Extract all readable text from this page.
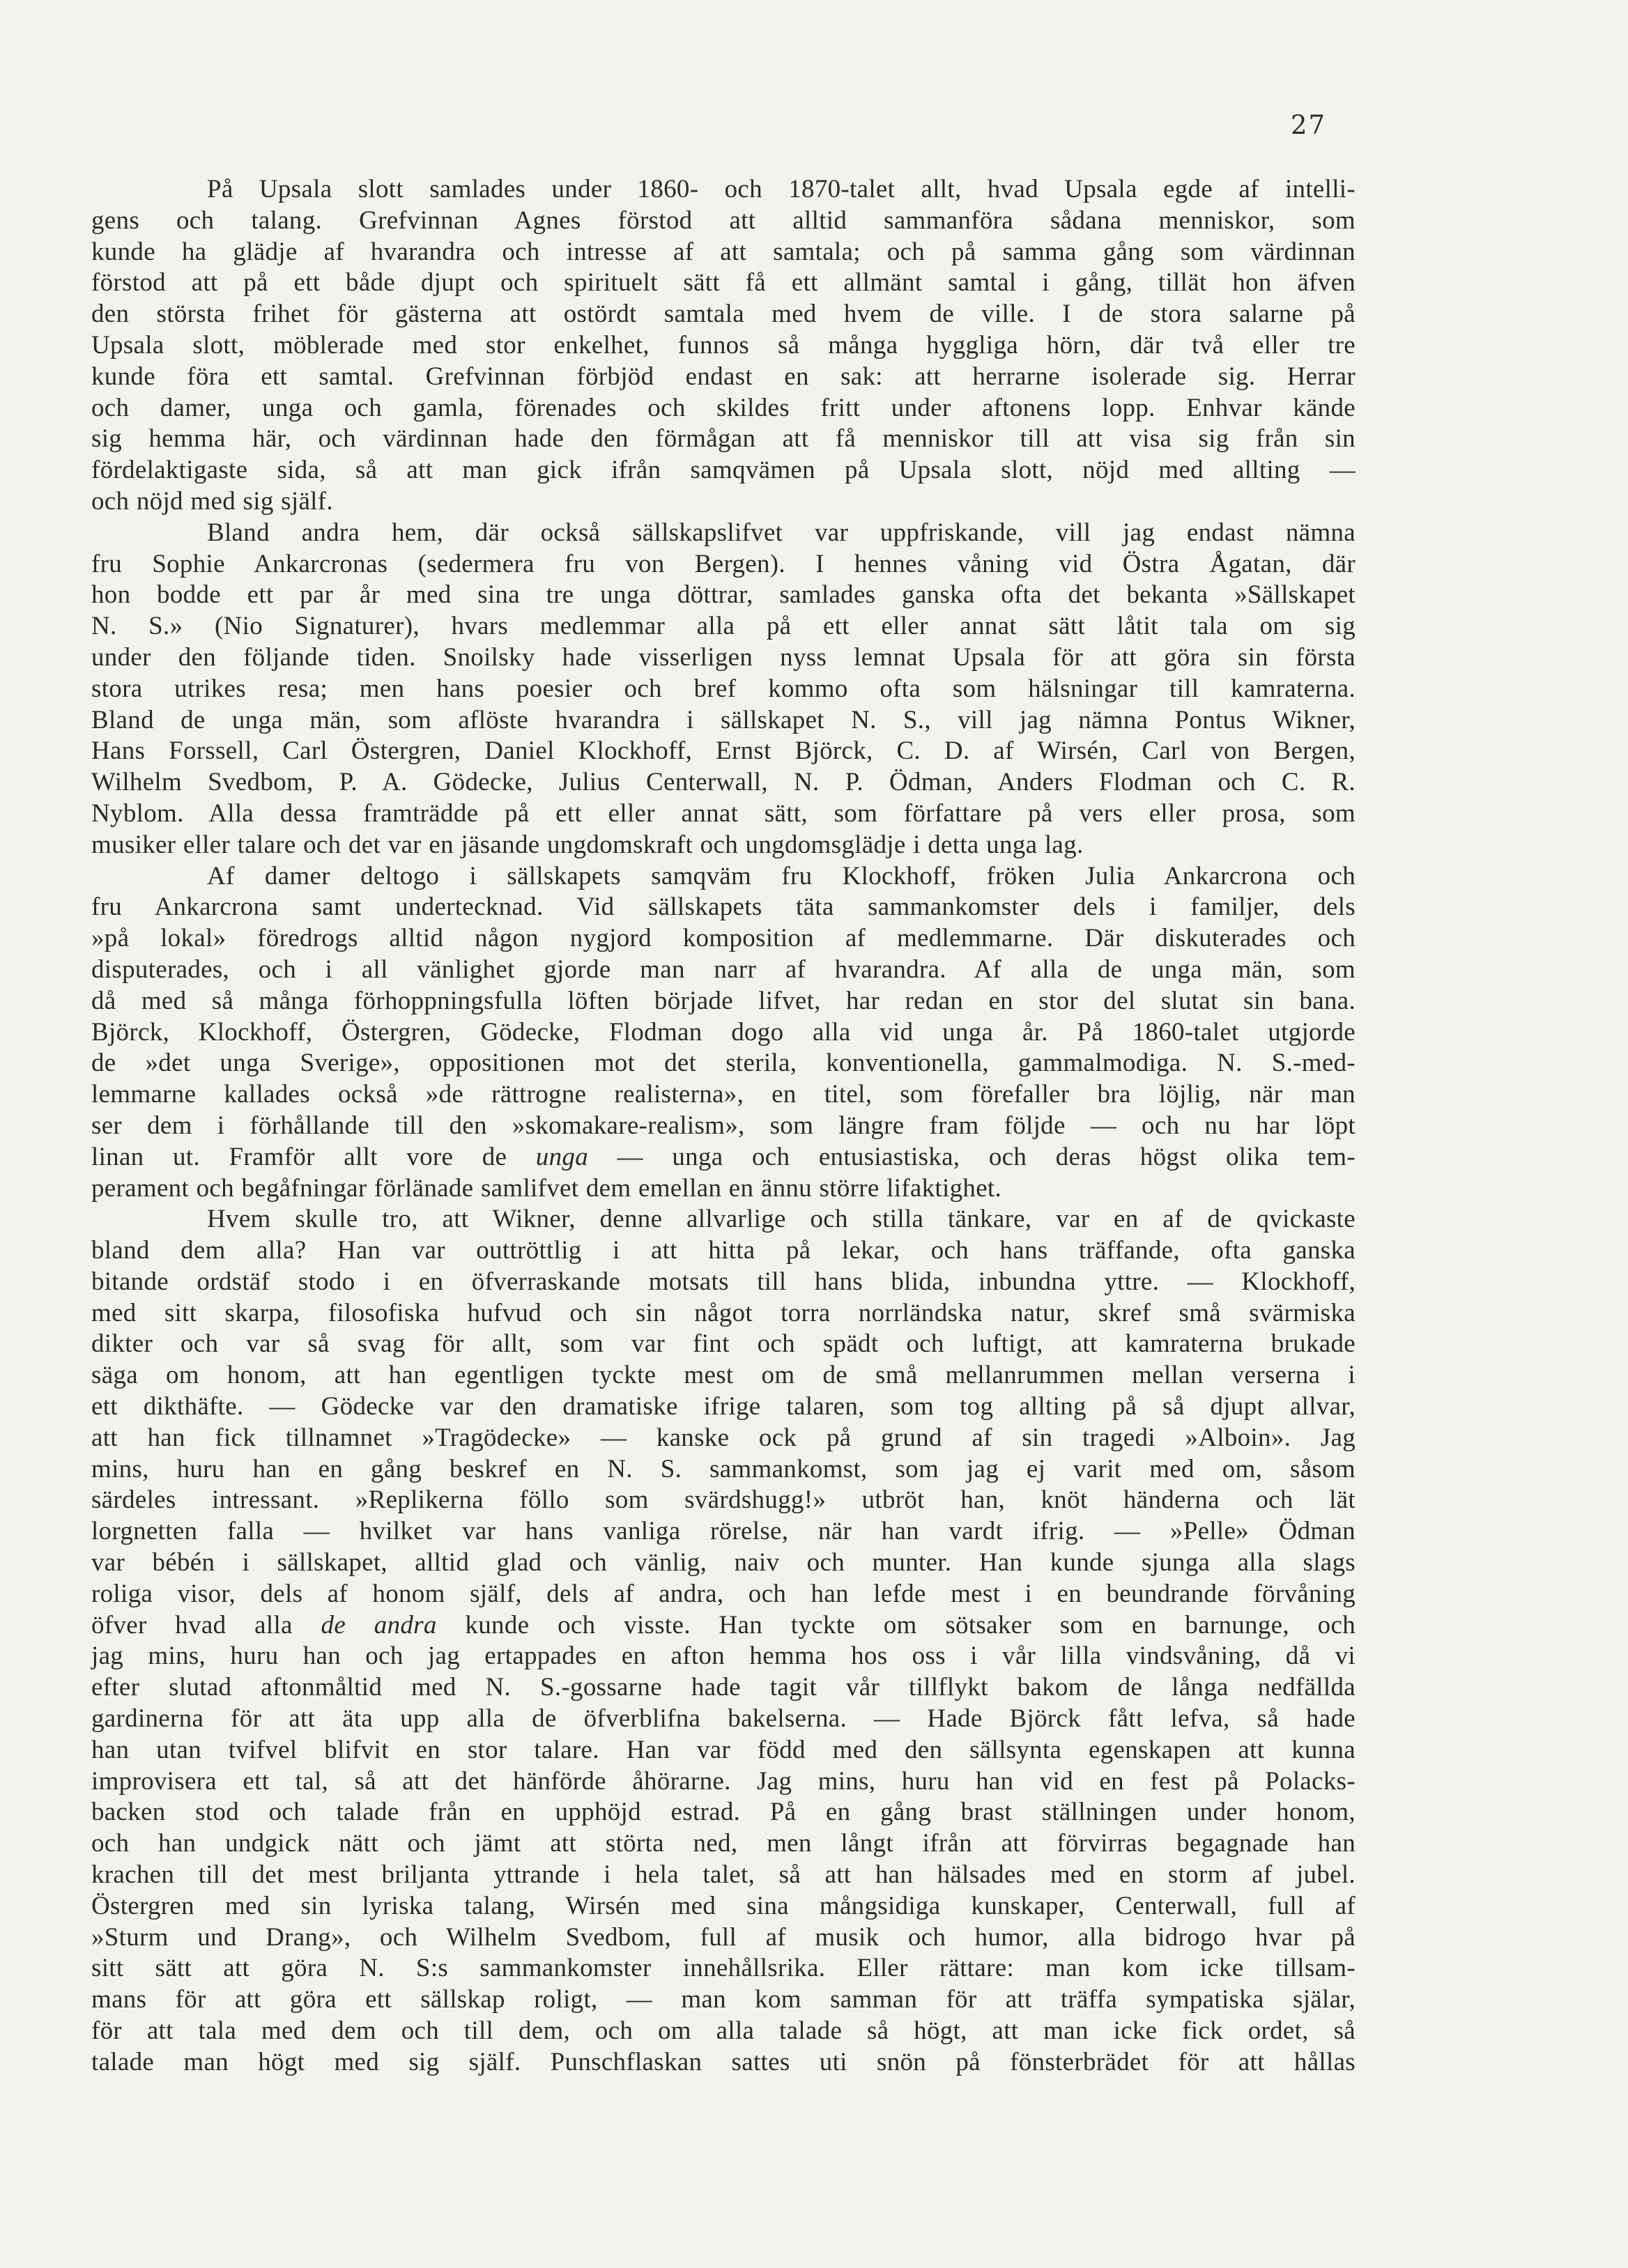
27
På Upsala slott samlades under 1860- och 1870-talet allt, hvad Upsala egde af intelli-
gens och talang. Grefvinnan Agnes förstod att alltid sammanföra sådana menniskor, som
kunde ha glädje af hvarandra och intresse af att samtala; och på samma gång som värdinnan
förstod att på ett både djupt och spirituelt sätt få ett allmänt samtal i gång, tillät hon äfven
den största frihet för gästerna att ostördt samtala med hvem de ville. I de stora salarne på
Upsala slott, möblerade med stor enkelhet, funnos så många hyggliga hörn, där två eller tre
kunde föra ett samtal. Grefvinnan förbjöd endast en sak: att herrarne isolerade sig. Herrar
och damer, unga och gamla, förenades och skildes fritt under aftonens lopp. Enhvar kände
sig hemma här, och värdinnan hade den förmågan att få menniskor till att visa sig från sin
fördelaktigaste sida, så att man gick ifrån samqvämen på Upsala slott, nöjd med allting —
och nöjd med sig själf.
Bland andra hem, där också sällskapslifvet var uppfriskande, vill jag endast nämna
fru Sophie Ankarcronas (sedermera fru von Bergen). I hennes våning vid Östra Ågatan, där
hon bodde ett par år med sina tre unga döttrar, samlades ganska ofta det bekanta »Sällskapet
N. S.» (Nio Signaturer), hvars medlemmar alla på ett eller annat sätt låtit tala om sig
under den följande tiden. Snoilsky hade visserligen nyss lemnat Upsala för att göra sin första
stora utrikes resa; men hans poesier och bref kommo ofta som hälsningar till kamraterna.
Bland de unga män, som aflöste hvarandra i sällskapet N. S., vill jag nämna Pontus Wikner,
Hans Forssell, Carl Östergren, Daniel Klockhoff, Ernst Björck, C. D. af Wirsén, Carl von Bergen,
Wilhelm Svedbom, P. A. Gödecke, Julius Centerwall, N. P. Ödman, Anders Flodman och C. R.
Nyblom. Alla dessa framträdde på ett eller annat sätt, som författare på vers eller prosa, som
musiker eller talare och det var en jäsande ungdomskraft och ungdomsglädje i detta unga lag.
Af damer deltogo i sällskapets samqväm fru Klockhoff, fröken Julia Ankarcrona och
fru Ankarcrona samt undertecknad. Vid sällskapets täta sammankomster dels i familjer, dels
»på lokal» föredrogs alltid någon nygjord komposition af medlemmarne. Där diskuterades och
disputerades, och i all vänlighet gjorde man narr af hvarandra. Af alla de unga män, som
då med så många förhoppningsfulla löften började lifvet, har redan en stor del slutat sin bana.
Björck, Klockhoff, Östergren, Gödecke, Flodman dogo alla vid unga år. På 1860-talet utgjorde
de »det unga Sverige», oppositionen mot det sterila, konventionella, gammalmodiga. N. S.-med-
lemmarne kallades också »de rättrogne realisterna», en titel, som förefaller bra löjlig, när man
ser dem i förhållande till den »skomakare-realism», som längre fram följde — och nu har löpt
linan ut. Framför allt vore de unga — unga och entusiastiska, och deras högst olika tem-
perament och begåfningar förlänade samlifvet dem emellan en ännu större lifaktighet.
Hvem skulle tro, att Wikner, denne allvarlige och stilla tänkare, var en af de qvickaste
bland dem alla? Han var outtröttlig i att hitta på lekar, och hans träffande, ofta ganska
bitande ordstäf stodo i en öfverraskande motsats till hans blida, inbundna yttre. — Klockhoff,
med sitt skarpa, filosofiska hufvud och sin något torra norrländska natur, skref små svärmiska
dikter och var så svag för allt, som var fint och spädt och luftigt, att kamraterna brukade
säga om honom, att han egentligen tyckte mest om de små mellanrummen mellan verserna i
ett dikthäfte. — Gödecke var den dramatiske ifrige talaren, som tog allting på så djupt allvar,
att han fick tillnamnet »Tragödecke» — kanske ock på grund af sin tragedi »Alboin». Jag
mins, huru han en gång beskref en N. S. sammankomst, som jag ej varit med om, såsom
särdeles intressant. »Replikerna föllo som svärdshugg!» utbröt han, knöt händerna och lät
lorgnetten falla — hvilket var hans vanliga rörelse, när han vardt ifrig. — »Pelle» Ödman
var bébén i sällskapet, alltid glad och vänlig, naiv och munter. Han kunde sjunga alla slags
roliga visor, dels af honom själf, dels af andra, och han lefde mest i en beundrande förvåning
öfver hvad alla de andra kunde och visste. Han tyckte om sötsaker som en barnunge, och
jag mins, huru han och jag ertappades en afton hemma hos oss i vår lilla vindsvåning, då vi
efter slutad aftonmåltid med N. S.-gossarne hade tagit vår tillflykt bakom de långa nedfällda
gardinerna för att äta upp alla de öfverblifna bakelserna. — Hade Björck fått lefva, så hade
han utan tvifvel blifvit en stor talare. Han var född med den sällsynta egenskapen att kunna
improvisera ett tal, så att det hänförde åhörarne. Jag mins, huru han vid en fest på Polacks-
backen stod och talade från en upphöjd estrad. På en gång brast ställningen under honom,
och han undgick nätt och jämt att störta ned, men långt ifrån att förvirras begagnade han
krachen till det mest briljanta yttrande i hela talet, så att han hälsades med en storm af jubel.
Östergren med sin lyriska talang, Wirsén med sina mångsidiga kunskaper, Centerwall, full af
»Sturm und Drang», och Wilhelm Svedbom, full af musik och humor, alla bidrogo hvar på
sitt sätt att göra N. S:s sammankomster innehållsrika. Eller rättare: man kom icke tillsam-
mans för att göra ett sällskap roligt, — man kom samman för att träffa sympatiska själar,
för att tala med dem och till dem, och om alla talade så högt, att man icke fick ordet, så
talade man högt med sig själf. Punschflaskan sattes uti snön på fönsterbrädet för att hållas
